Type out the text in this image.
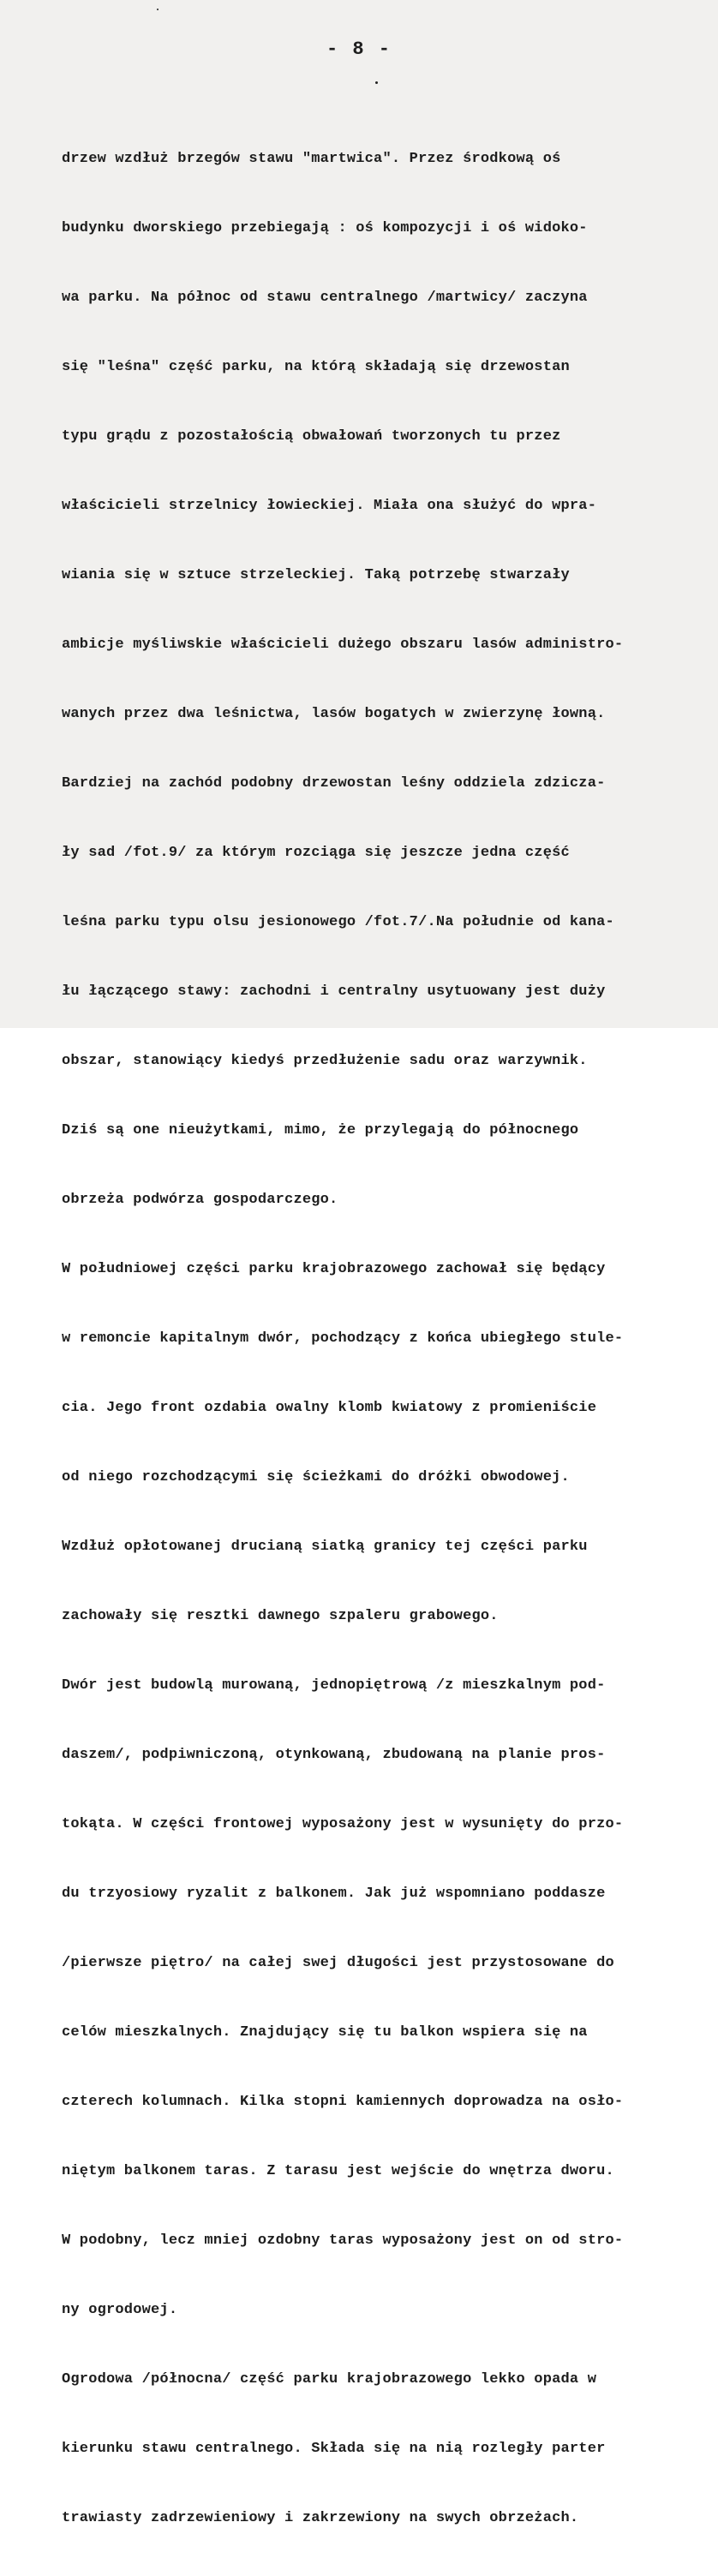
- 8 -

drzew wzdłuż brzegów stawu "martwica". Przez środkową oś

budynku dworskiego przebiegają : oś kompozycji i oś widoko-

wa parku. Na północ od stawu centralnego /martwicy/ zaczyna

się "leśna" część parku, na którą składają się drzewostan

typu grądu z pozostałością obwałowań tworzonych tu przez

właścicieli strzelnicy łowieckiej. Miała ona służyć do wpra-

wiania się w sztuce strzeleckiej. Taką potrzebę stwarzały

ambicje myśliwskie właścicieli dużego obszaru lasów administro-

wanych przez dwa leśnictwa, lasów bogatych w zwierzynę łowną.

Bardziej na zachód podobny drzewostan leśny oddziela zdzicza-

ły sad /fot.9/ za którym rozciąga się jeszcze jedna część

leśna parku typu olsu jesionowego /fot.7/.Na południe od kana-

łu łączącego stawy: zachodni i centralny usytuowany jest duży

obszar, stanowiący kiedyś przedłużenie sadu oraz warzywnik.

Dziś są one nieużytkami, mimo, że przylegają do północnego

obrzeża podwórza gospodarczego.

W południowej części parku krajobrazowego zachował się będący

w remoncie kapitalnym dwór, pochodzący z końca ubiegłego stule-

cia. Jego front ozdabia owalny klomb kwiatowy z promieniście

od niego rozchodzącymi się ścieżkami do dróżki obwodowej.

Wzdłuż opłotowanej drucianą siatką granicy tej części parku

zachowały się resztki dawnego szpaleru grabowego.

Dwór jest budowlą murowaną, jednopiętrową /z mieszkalnym pod-

daszem/, podpiwniczoną, otynkowaną, zbudowaną na planie pros-

tokąta. W części frontowej wyposażony jest w wysunięty do przo-

du trzyosiowy ryzalit z balkonem. Jak już wspomniano poddasze

/pierwsze piętro/ na całej swej długości jest przystosowane do

celów mieszkalnych. Znajdujący się tu balkon wspiera się na

czterech kolumnach. Kilka stopni kamiennych doprowadza na osło-

niętym balkonem taras. Z tarasu jest wejście do wnętrza dworu.

W podobny, lecz mniej ozdobny taras wyposażony jest on od stro-

ny ogrodowej.

Ogrodowa /północna/ część parku krajobrazowego lekko opada w

kierunku stawu centralnego. Składa się na nią rozległy parter

trawiasty zadrzewieniowy i zakrzewiony na swych obrzeżach.
